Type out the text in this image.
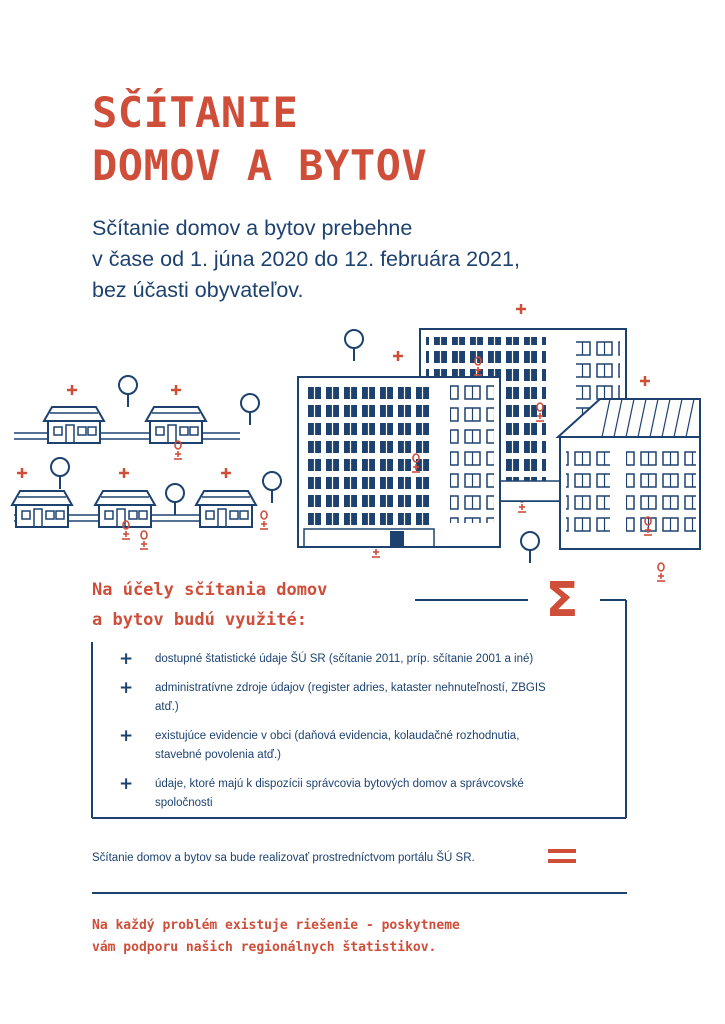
SČÍTANIE
DOMOV A BYTOV

Sčítanie domov a bytov prebehne
v čase od 1. júna 2020 do 12. februára 2021,
bez účasti obyvateľov.

Na účely sčítania domov
a bytov budú využité:	Σ
+ dostupné štatistické údaje ŠÚ SR (sčítanie 2011, príp. sčítanie 2001 a iné)
+ administratívne zdroje údajov (register adries, kataster nehnuteľností, ZBGIS atď.)
+ existujúce evidencie v obci (daňová evidencia, kolaudačné rozhodnutia, stavebné povolenia atď.)
+ údaje, ktoré majú k dispozícii správcovia bytových domov a správcovské spoločnosti

Sčítanie domov a bytov sa bude realizovať prostredníctvom portálu ŠÚ SR.

Na každý problém existuje riešenie - poskytneme
vám podporu našich regionálnych štatistikov.
